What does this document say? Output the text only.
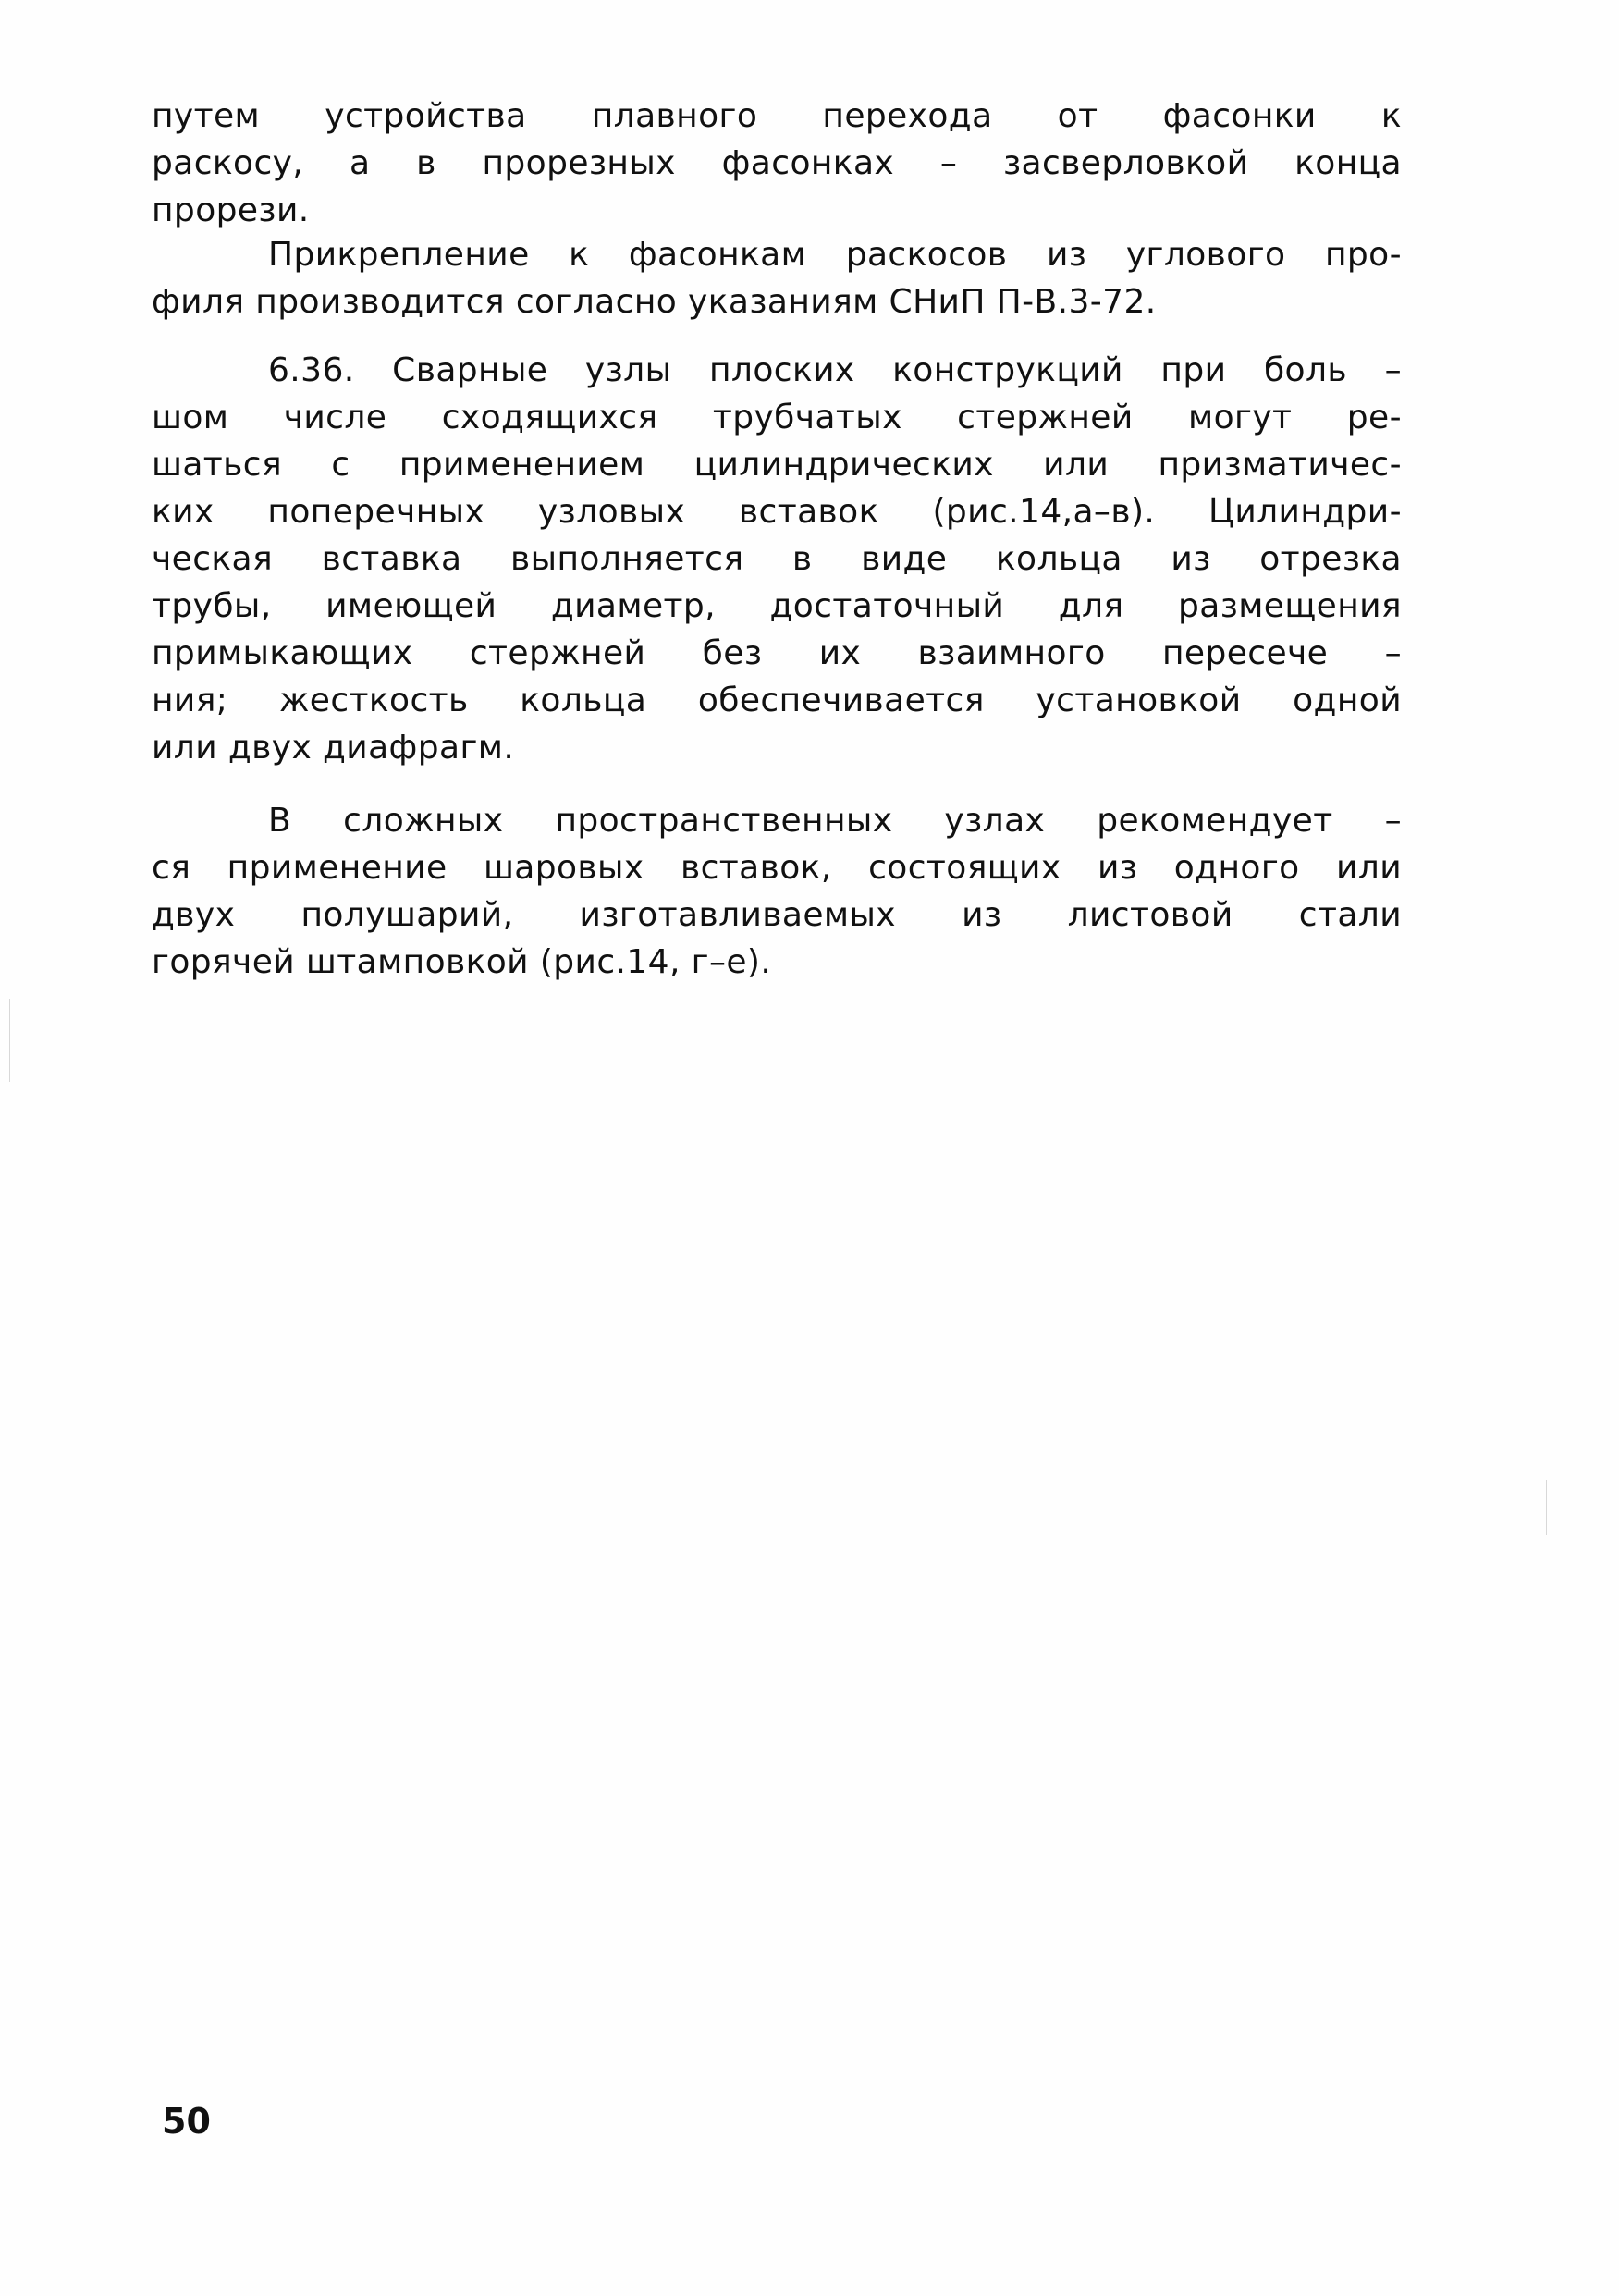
путем устройства плавного перехода от фасонки к
раскосу, а в прорезных фасонках – засверловкой конца
прорези.
Прикрепление к фасонкам раскосов из углового про-
филя производится согласно указаниям СНиП П-В.3-72.
6.36. Сварные узлы плоских конструкций при боль –
шом числе сходящихся трубчатых стержней могут ре-
шаться с применением цилиндрических или призматичес-
ких поперечных узловых вставок (рис.14,а–в). Цилиндри-
ческая вставка выполняется в виде кольца из отрезка
трубы, имеющей диаметр, достаточный для размещения
примыкающих стержней без их взаимного пересече –
ния; жесткость кольца обеспечивается установкой одной
или двух диафрагм.
В сложных пространственных узлах рекомендует –
ся применение шаровых вставок, состоящих из одного или
двух полушарий, изготавливаемых из листовой стали
горячей штамповкой (рис.14, г–е).
50
